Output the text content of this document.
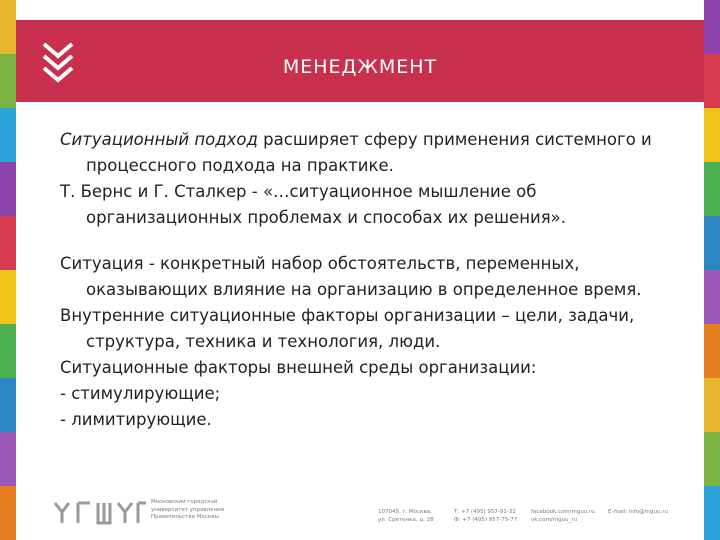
МЕНЕДЖМЕНТ

Ситуационный подход расширяет сферу применения системного и процессного подхода на практике.

Т. Бернс и Г. Сталкер - «…ситуационное мышление об организационных проблемах и способах их решения».

Ситуация - конкретный набор обстоятельств, переменных, оказывающих влияние на организацию в определенное время.

Внутренние ситуационные факторы организации – цели, задачи, структура, техника и технология, люди.

Ситуационные факторы внешней среды организации:

- стимулирующие;

- лимитирующие.

Московский городской
университет управления
Правительства Москвы
107045, г. Москва,
ул. Сретенка, д. 28
Т: +7 (495) 957-91-32
Ф: +7 (495) 957-75-77
facebook.com/mguu.ru
vk.com/mguu_ru
E-mail: info@mguu.ru
